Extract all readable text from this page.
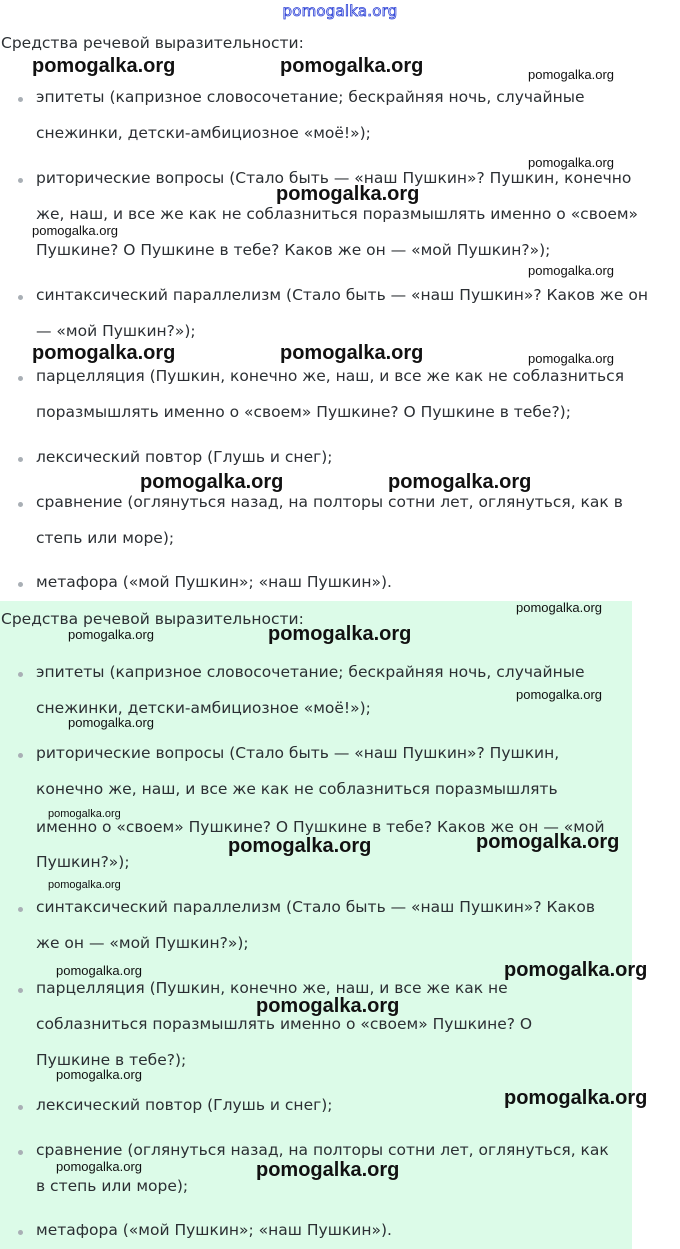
pomogalka.org
Средства речевой выразительности:
эпитеты (капризное словосочетание; бескрайняя ночь, случайные
снежинки, детски-амбициозное «моё!»);
риторические вопросы (Стало быть — «наш Пушкин»? Пушкин, конечно
же, наш, и все же как не соблазниться поразмышлять именно о «своем»
Пушкине? О Пушкине в тебе? Каков же он — «мой Пушкин?»);
синтаксический параллелизм (Стало быть — «наш Пушкин»? Каков же он
— «мой Пушкин?»);
парцелляция (Пушкин, конечно же, наш, и все же как не соблазниться
поразмышлять именно о «своем» Пушкине? О Пушкине в тебе?);
лексический повтор (Глушь и снег);
сравнение (оглянуться назад, на полторы сотни лет, оглянуться, как в
степь или море);
метафора («мой Пушкин»; «наш Пушкин»).
Средства речевой выразительности:
эпитеты (капризное словосочетание; бескрайняя ночь, случайные
снежинки, детски-амбициозное «моё!»);
риторические вопросы (Стало быть — «наш Пушкин»? Пушкин,
конечно же, наш, и все же как не соблазниться поразмышлять
именно о «своем» Пушкине? О Пушкине в тебе? Каков же он — «мой
Пушкин?»);
синтаксический параллелизм (Стало быть — «наш Пушкин»? Каков
же он — «мой Пушкин?»);
парцелляция (Пушкин, конечно же, наш, и все же как не
соблазниться поразмышлять именно о «своем» Пушкине? О
Пушкине в тебе?);
лексический повтор (Глушь и снег);
сравнение (оглянуться назад, на полторы сотни лет, оглянуться, как
в степь или море);
метафора («мой Пушкин»; «наш Пушкин»).
pomogalka.org	pomogalka.org	pomogalka.org
pomogalka.org
pomogalka.org
pomogalka.org
pomogalka.org
pomogalka.org	pomogalka.org	pomogalka.org
pomogalka.org	pomogalka.org
pomogalka.org
pomogalka.org	pomogalka.org
pomogalka.org
pomogalka.org
pomogalka.org
pomogalka.org	pomogalka.org
pomogalka.org
pomogalka.org	pomogalka.org
pomogalka.org
pomogalka.org
pomogalka.org
pomogalka.org	pomogalka.org
